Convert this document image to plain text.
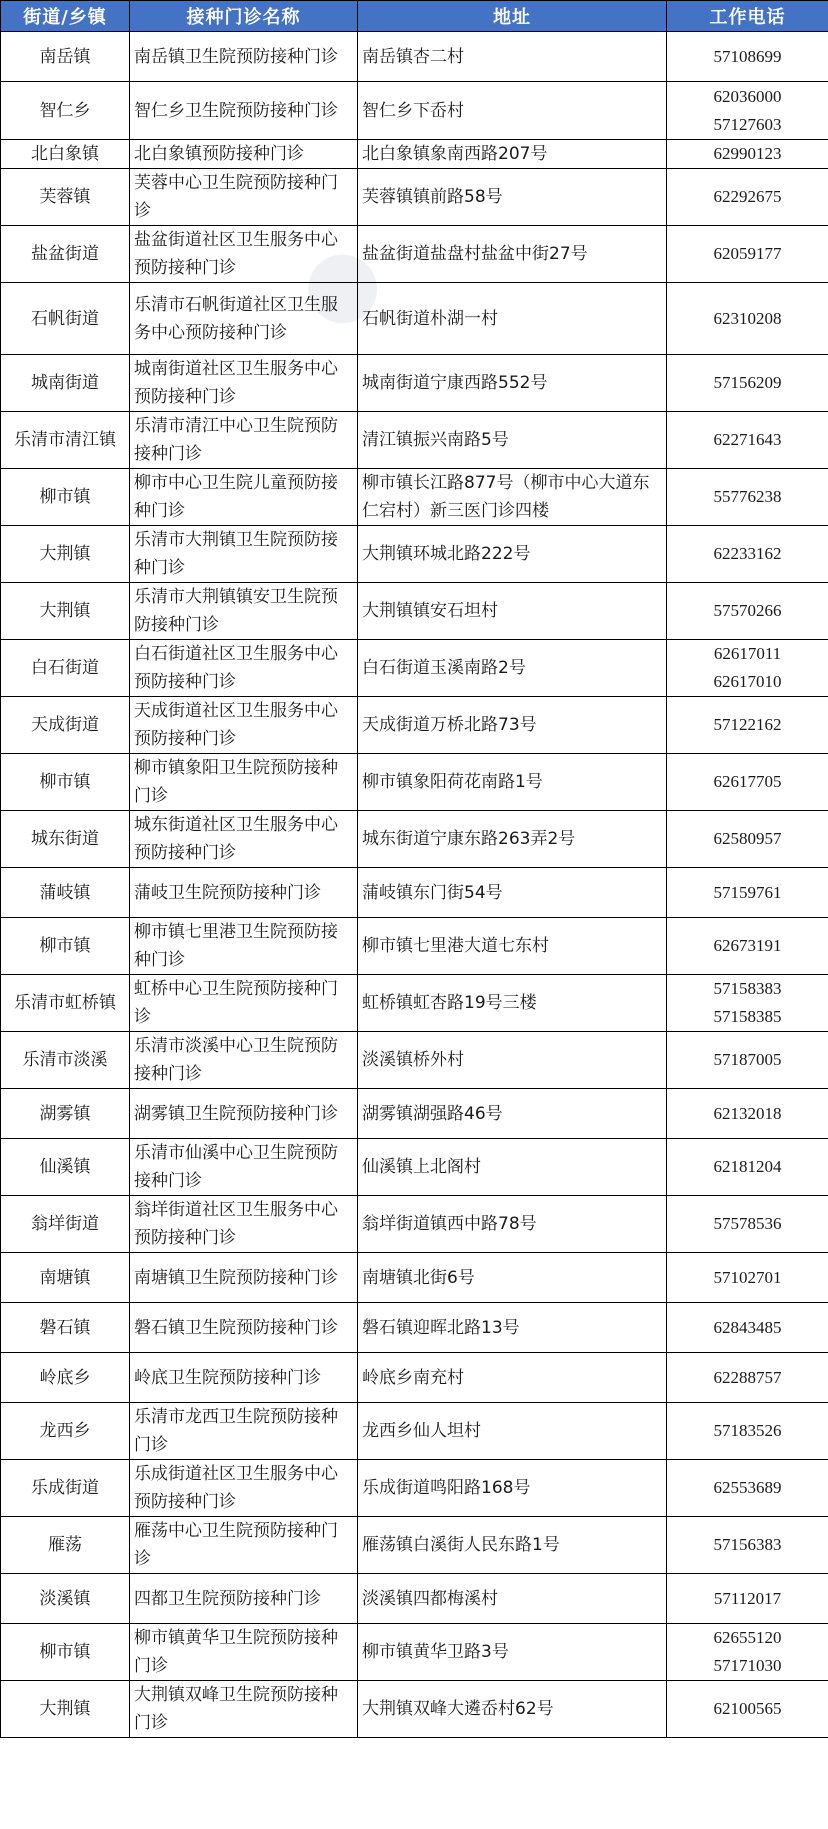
●
街道/乡镇	接种门诊名称	地址	工作电话
南岳镇	南岳镇卫生院预防接种门诊	南岳镇杏二村	57108699

智仁乡	智仁乡卫生院预防接种门诊	智仁乡下岙村	62036000
57127603

北白象镇	北白象镇预防接种门诊	北白象镇象南西路207号	62990123

芙蓉镇	芙蓉中心卫生院预防接种门诊	芙蓉镇镇前路58号	62292675

盐盆街道	盐盆街道社区卫生服务中心预防接种门诊	盐盆街道盐盘村盐盆中街27号	62059177

石帆街道	乐清市石帆街道社区卫生服务中心预防接种门诊	石帆街道朴湖一村	62310208

城南街道	城南街道社区卫生服务中心预防接种门诊	城南街道宁康西路552号	57156209

乐清市清江镇	乐清市清江中心卫生院预防接种门诊	清江镇振兴南路5号	62271643

柳市镇	柳市中心卫生院儿童预防接种门诊	柳市镇长江路877号（柳市中心大道东仁宕村）新三医门诊四楼	55776238

大荆镇	乐清市大荆镇卫生院预防接种门诊	大荆镇环城北路222号	62233162

大荆镇	乐清市大荆镇镇安卫生院预防接种门诊	大荆镇镇安石坦村	57570266

白石街道	白石街道社区卫生服务中心预防接种门诊	白石街道玉溪南路2号	62617011
62617010

天成街道	天成街道社区卫生服务中心预防接种门诊	天成街道万桥北路73号	57122162

柳市镇	柳市镇象阳卫生院预防接种门诊	柳市镇象阳荷花南路1号	62617705

城东街道	城东街道社区卫生服务中心预防接种门诊	城东街道宁康东路263弄2号	62580957

蒲岐镇	蒲岐卫生院预防接种门诊	蒲岐镇东门街54号	57159761

柳市镇	柳市镇七里港卫生院预防接种门诊	柳市镇七里港大道七东村	62673191

乐清市虹桥镇	虹桥中心卫生院预防接种门诊	虹桥镇虹杏路19号三楼	57158383
57158385

乐清市淡溪	乐清市淡溪中心卫生院预防接种门诊	淡溪镇桥外村	57187005

湖雾镇	湖雾镇卫生院预防接种门诊	湖雾镇湖强路46号	62132018

仙溪镇	乐清市仙溪中心卫生院预防接种门诊	仙溪镇上北阁村	62181204

翁垟街道	翁垟街道社区卫生服务中心预防接种门诊	翁垟街道镇西中路78号	57578536

南塘镇	南塘镇卫生院预防接种门诊	南塘镇北街6号	57102701

磐石镇	磐石镇卫生院预防接种门诊	磐石镇迎晖北路13号	62843485

岭底乡	岭底卫生院预防接种门诊	岭底乡南充村	62288757

龙西乡	乐清市龙西卫生院预防接种门诊	龙西乡仙人坦村	57183526

乐成街道	乐成街道社区卫生服务中心预防接种门诊	乐成街道鸣阳路168号	62553689

雁荡	雁荡中心卫生院预防接种门诊	雁荡镇白溪街人民东路1号	57156383

淡溪镇	四都卫生院预防接种门诊	淡溪镇四都梅溪村	57112017

柳市镇	柳市镇黄华卫生院预防接种门诊	柳市镇黄华卫路3号	62655120
57171030

大荆镇	大荆镇双峰卫生院预防接种门诊	大荆镇双峰大遴岙村62号	62100565
